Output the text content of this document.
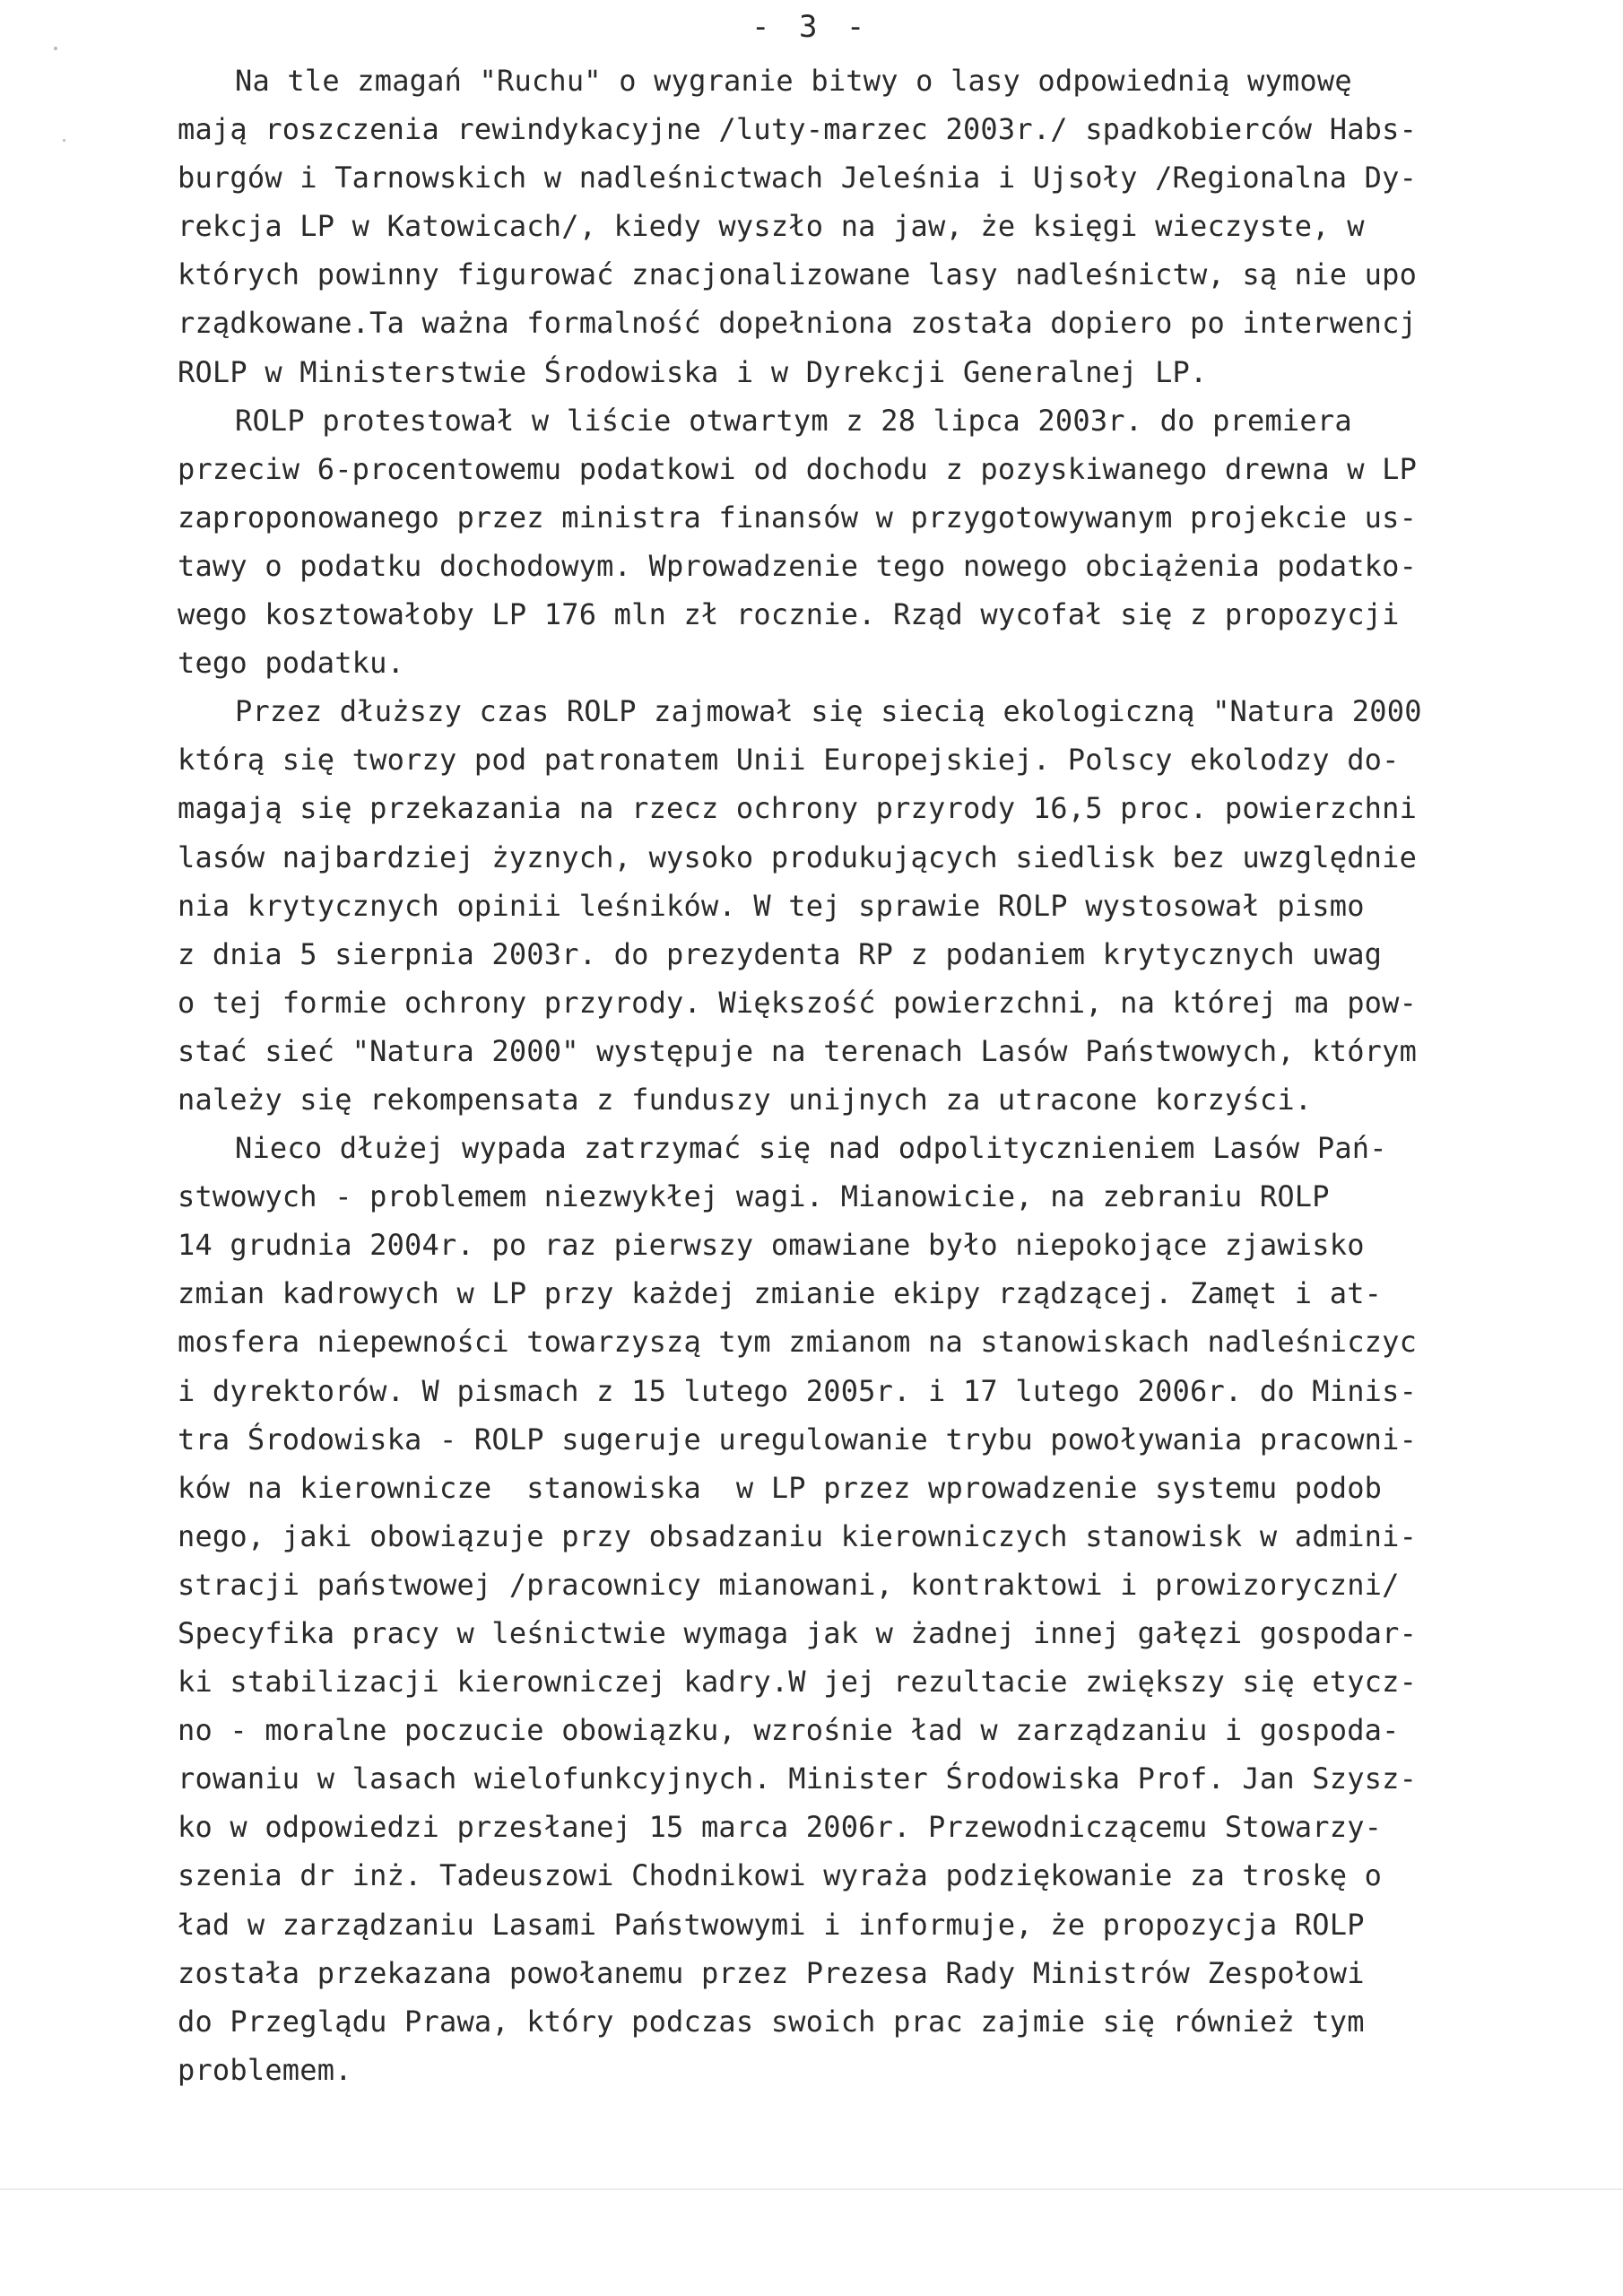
- 3 -
Na tle zmagań "Ruchu" o wygranie bitwy o lasy odpowiednią wymowę
mają roszczenia rewindykacyjne /luty-marzec 2003r./ spadkobierców Habs-
burgów i Tarnowskich w nadleśnictwach Jeleśnia i Ujsoły /Regionalna Dy-
rekcja LP w Katowicach/, kiedy wyszło na jaw, że księgi wieczyste, w
których powinny figurować znacjonalizowane lasy nadleśnictw, są nie upo
rządkowane.Ta ważna formalność dopełniona została dopiero po interwencj
ROLP w Ministerstwie Środowiska i w Dyrekcji Generalnej LP.
ROLP protestował w liście otwartym z 28 lipca 2003r. do premiera
przeciw 6-procentowemu podatkowi od dochodu z pozyskiwanego drewna w LP
zaproponowanego przez ministra finansów w przygotowywanym projekcie us-
tawy o podatku dochodowym. Wprowadzenie tego nowego obciążenia podatko-
wego kosztowałoby LP 176 mln zł rocznie. Rząd wycofał się z propozycji
tego podatku.
Przez dłuższy czas ROLP zajmował się siecią ekologiczną "Natura 2000
którą się tworzy pod patronatem Unii Europejskiej. Polscy ekolodzy do-
magają się przekazania na rzecz ochrony przyrody 16,5 proc. powierzchni
lasów najbardziej żyznych, wysoko produkujących siedlisk bez uwzględnie
nia krytycznych opinii leśników. W tej sprawie ROLP wystosował pismo
z dnia 5 sierpnia 2003r. do prezydenta RP z podaniem krytycznych uwag
o tej formie ochrony przyrody. Większość powierzchni, na której ma pow-
stać sieć "Natura 2000" występuje na terenach Lasów Państwowych, którym
należy się rekompensata z funduszy unijnych za utracone korzyści.
Nieco dłużej wypada zatrzymać się nad odpolitycznieniem Lasów Pań-
stwowych - problemem niezwykłej wagi. Mianowicie, na zebraniu ROLP
14 grudnia 2004r. po raz pierwszy omawiane było niepokojące zjawisko
zmian kadrowych w LP przy każdej zmianie ekipy rządzącej. Zamęt i at-
mosfera niepewności towarzyszą tym zmianom na stanowiskach nadleśniczyc
i dyrektorów. W pismach z 15 lutego 2005r. i 17 lutego 2006r. do Minis-
tra Środowiska - ROLP sugeruje uregulowanie trybu powoływania pracowni-
ków na kierownicze  stanowiska  w LP przez wprowadzenie systemu podob
nego, jaki obowiązuje przy obsadzaniu kierowniczych stanowisk w admini-
stracji państwowej /pracownicy mianowani, kontraktowi i prowizoryczni/
Specyfika pracy w leśnictwie wymaga jak w żadnej innej gałęzi gospodar-
ki stabilizacji kierowniczej kadry.W jej rezultacie zwiększy się etycz-
no - moralne poczucie obowiązku, wzrośnie ład w zarządzaniu i gospoda-
rowaniu w lasach wielofunkcyjnych. Minister Środowiska Prof. Jan Szysz-
ko w odpowiedzi przesłanej 15 marca 2006r. Przewodniczącemu Stowarzy-
szenia dr inż. Tadeuszowi Chodnikowi wyraża podziękowanie za troskę o
ład w zarządzaniu Lasami Państwowymi i informuje, że propozycja ROLP
została przekazana powołanemu przez Prezesa Rady Ministrów Zespołowi
do Przeglądu Prawa, który podczas swoich prac zajmie się również tym
problemem.
